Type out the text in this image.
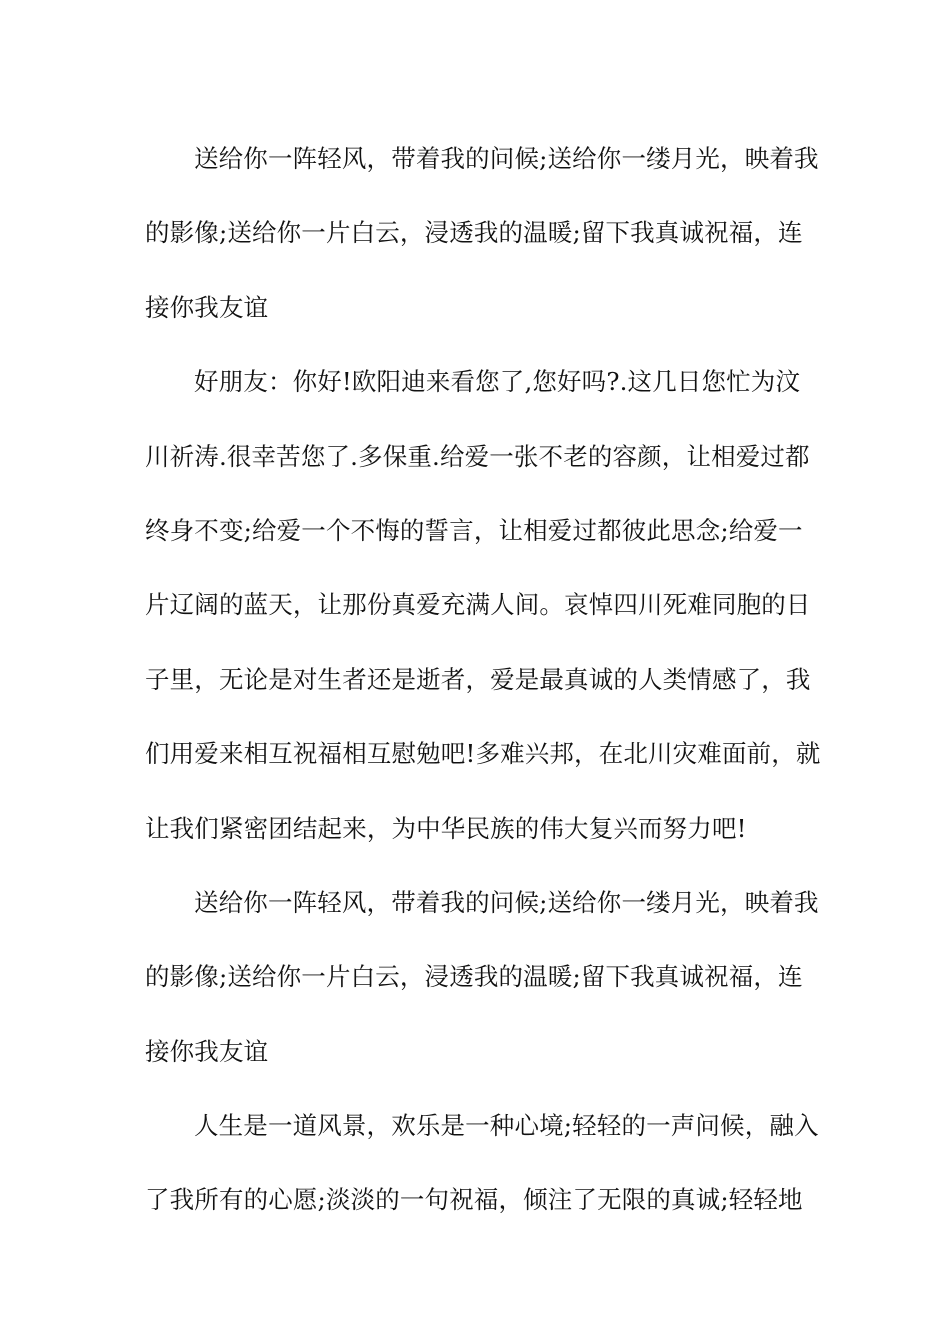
送给你一阵轻风，带着我的问候;送给你一缕月光，映着我
的影像;送给你一片白云，浸透我的温暖;留下我真诚祝福，连
接你我友谊
好朋友：你好!欧阳迪来看您了,您好吗?.这几日您忙为汶
川祈涛.很幸苦您了.多保重.给爱一张不老的容颜，让相爱过都
终身不变;给爱一个不悔的誓言，让相爱过都彼此思念;给爱一
片辽阔的蓝天，让那份真爱充满人间。哀悼四川死难同胞的日
子里，无论是对生者还是逝者，爱是最真诚的人类情感了，我
们用爱来相互祝福相互慰勉吧!多难兴邦，在北川灾难面前，就
让我们紧密团结起来，为中华民族的伟大复兴而努力吧!
送给你一阵轻风，带着我的问候;送给你一缕月光，映着我
的影像;送给你一片白云，浸透我的温暖;留下我真诚祝福，连
接你我友谊
人生是一道风景，欢乐是一种心境;轻轻的一声问候，融入
了我所有的心愿;淡淡的一句祝福，倾注了无限的真诚;轻轻地
